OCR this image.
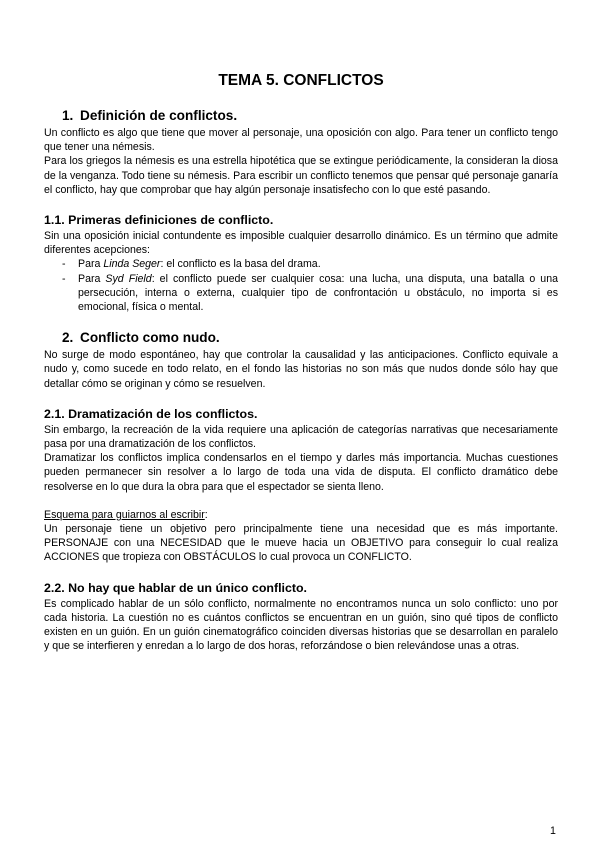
TEMA 5. CONFLICTOS
1. Definición de conflictos.

Un conflicto es algo que tiene que mover al personaje, una oposición con algo. Para tener un conflicto tengo que tener una némesis.

Para los griegos la némesis es una estrella hipotética que se extingue periódicamente, la consideran la diosa de la venganza. Todo tiene su némesis. Para escribir un conflicto tenemos que pensar qué personaje ganaría el conflicto, hay que comprobar que hay algún personaje insatisfecho con lo que esté pasando.

1.1. Primeras definiciones de conflicto.

Sin una oposición inicial contundente es imposible cualquier desarrollo dinámico. Es un término que admite diferentes acepciones:

- Para Linda Seger: el conflicto es la basa del drama.
- Para Syd Field: el conflicto puede ser cualquier cosa: una lucha, una disputa, una batalla o una persecución, interna o externa, cualquier tipo de confrontación u obstáculo, no importa si es emocional, física o mental.
2. Conflicto como nudo.

No surge de modo espontáneo, hay que controlar la causalidad y las anticipaciones. Conflicto equivale a nudo y, como sucede en todo relato, en el fondo las historias no son más que nudos donde sólo hay que detallar cómo se originan y cómo se resuelven.

2.1. Dramatización de los conflictos.

Sin embargo, la recreación de la vida requiere una aplicación de categorías narrativas que necesariamente pasa por una dramatización de los conflictos.

Dramatizar los conflictos implica condensarlos en el tiempo y darles más importancia. Muchas cuestiones pueden permanecer sin resolver a lo largo de toda una vida de disputa. El conflicto dramático debe resolverse en lo que dura la obra para que el espectador se sienta lleno.

Esquema para guiarnos al escribir:

Un personaje tiene un objetivo pero principalmente tiene una necesidad que es más importante. PERSONAJE con una NECESIDAD que le mueve hacia un OBJETIVO para conseguir lo cual realiza ACCIONES que tropieza con OBSTÁCULOS lo cual provoca un CONFLICTO.

2.2. No hay que hablar de un único conflicto.

Es complicado hablar de un sólo conflicto, normalmente no encontramos nunca un solo conflicto: uno por cada historia. La cuestión no es cuántos conflictos se encuentran en un guión, sino qué tipos de conflicto existen en un guión. En un guión cinematográfico coinciden diversas historias que se desarrollan en paralelo y que se interfieren y enredan a lo largo de dos horas, reforzándose o bien relevándose unas a otras.

1
